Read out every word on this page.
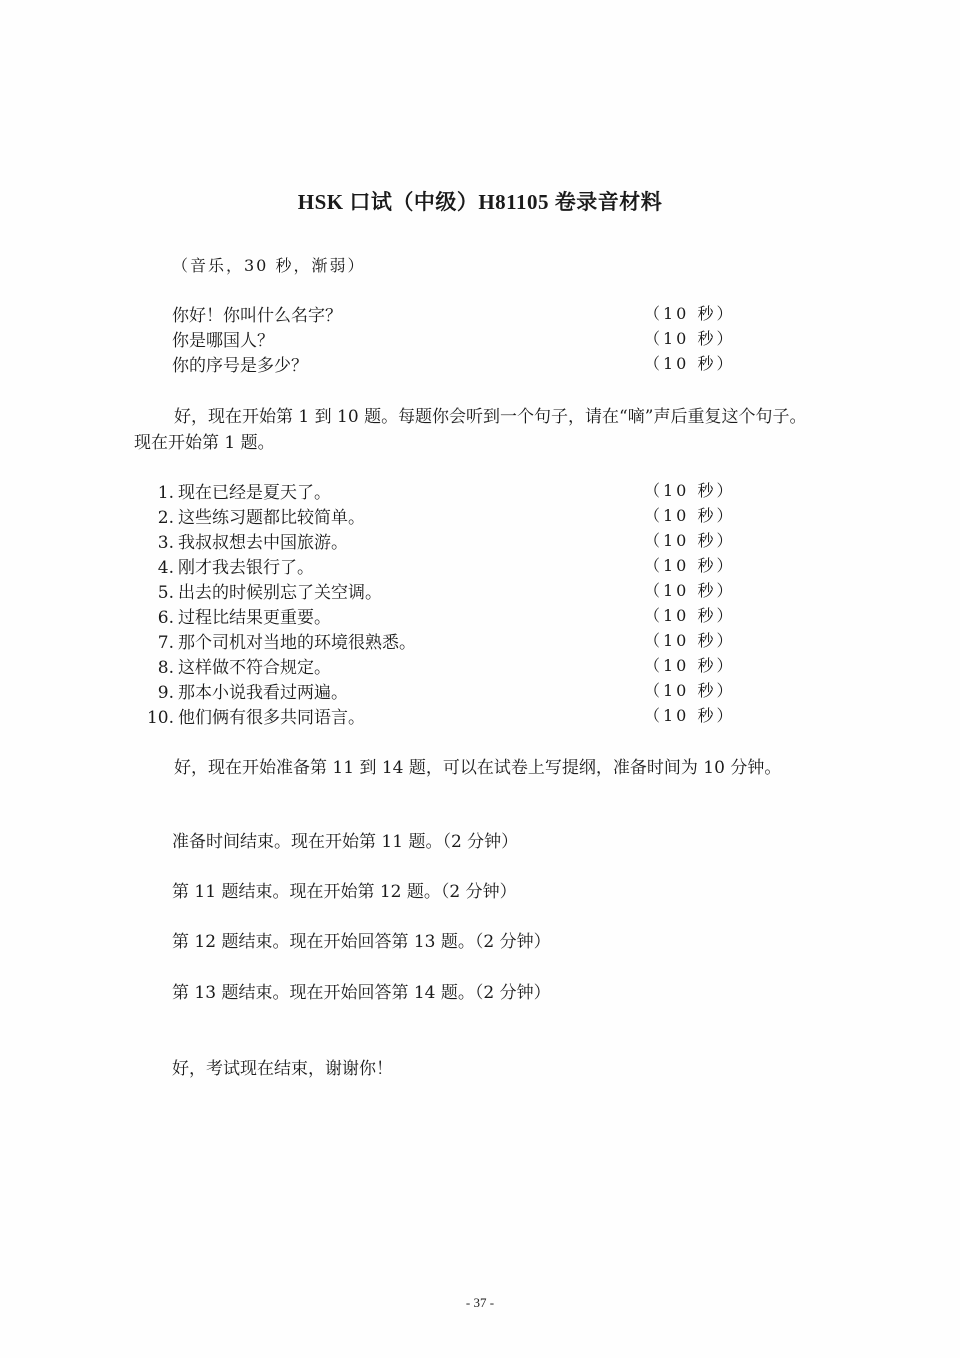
HSK 口试（中级）H81105 卷录音材料
（音乐，30 秒，渐弱）
你好！你叫什么名字？	（10 秒）
你是哪国人？	（10 秒）
你的序号是多少？	（10 秒）
好，现在开始第 1 到 10 题。每题你会听到一个句子，请在“嘀”声后重复这个句子。现在开始第 1 题。
1. 现在已经是夏天了。	（10 秒）
2. 这些练习题都比较简单。	（10 秒）
3. 我叔叔想去中国旅游。	（10 秒）
4. 刚才我去银行了。	（10 秒）
5. 出去的时候别忘了关空调。	（10 秒）
6. 过程比结果更重要。	（10 秒）
7. 那个司机对当地的环境很熟悉。	（10 秒）
8. 这样做不符合规定。	（10 秒）
9. 那本小说我看过两遍。	（10 秒）
10. 他们俩有很多共同语言。	（10 秒）
好，现在开始准备第 11 到 14 题，可以在试卷上写提纲，准备时间为 10 分钟。
准备时间结束。现在开始第 11 题。（2 分钟）
第 11 题结束。现在开始第 12 题。（2 分钟）
第 12 题结束。现在开始回答第 13 题。（2 分钟）
第 13 题结束。现在开始回答第 14 题。（2 分钟）
好，考试现在结束，谢谢你！
- 37 -
